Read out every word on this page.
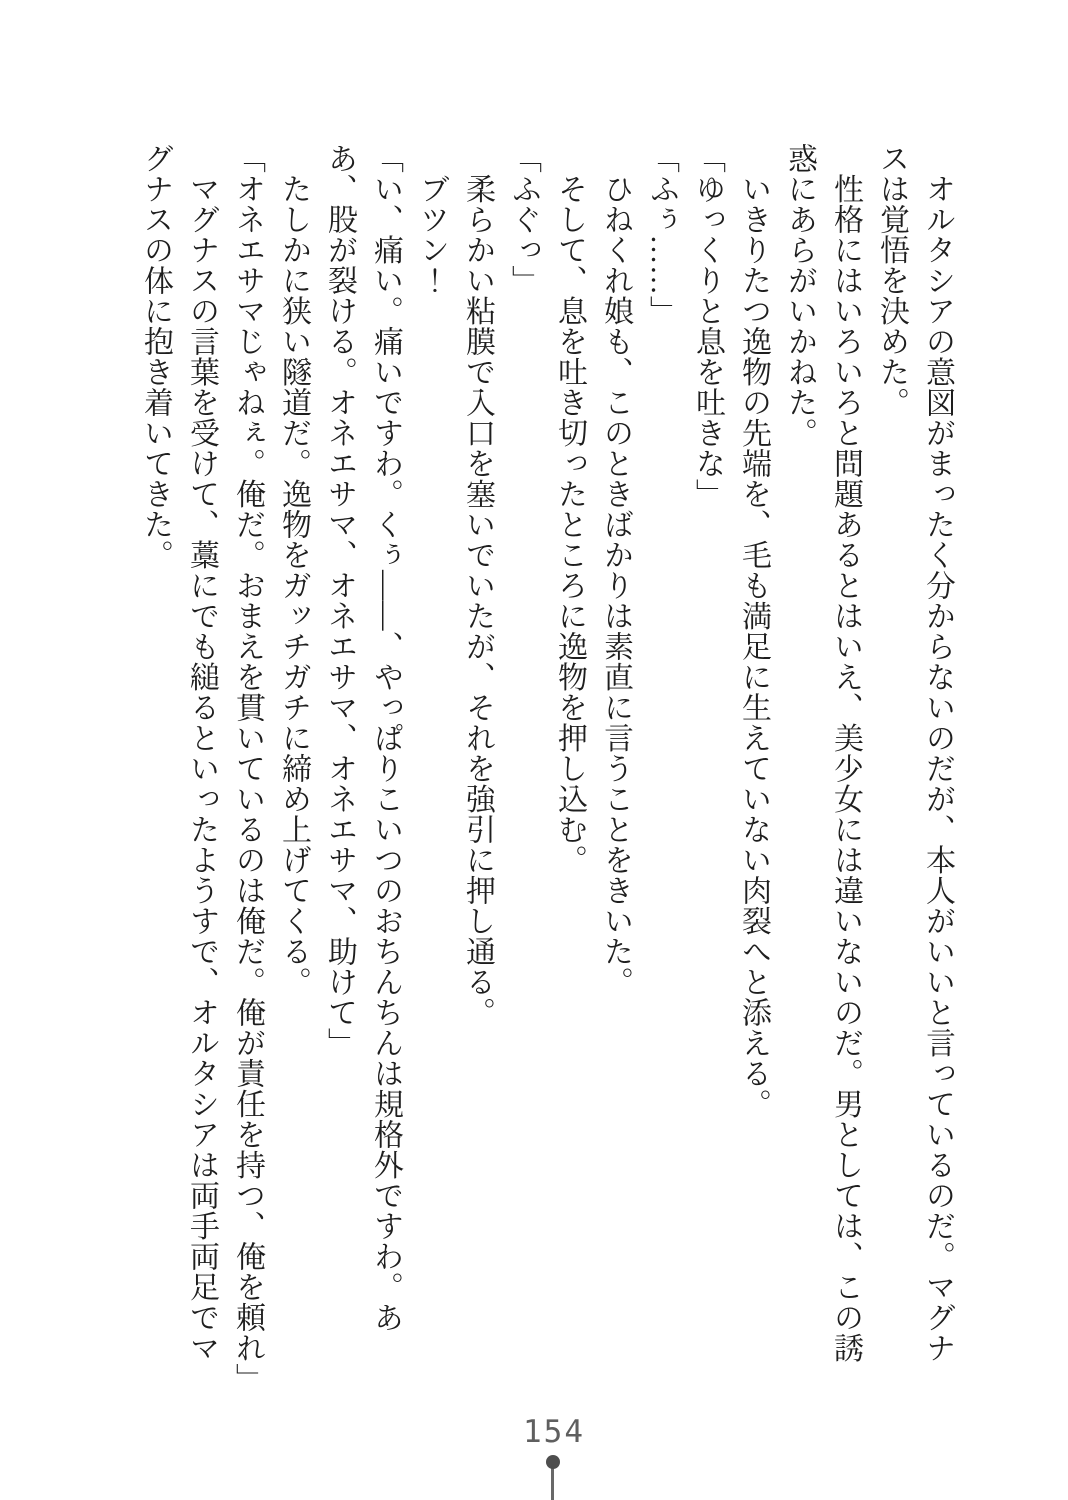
　オルタシアの意図がまったく分からないのだが、本人がいいと言っているのだ。マグナ

スは覚悟を決めた。

　性格にはいろいろと問題あるとはいえ、美少女には違いないのだ。男としては、この誘

惑にあらがいかねた。

　いきりたつ逸物の先端を、毛も満足に生えていない肉裂へと添える。

「ゆっくりと息を吐きな」

「ふぅ……」

　ひねくれ娘も、このときばかりは素直に言うことをきいた。

　そして、息を吐き切ったところに逸物を押し込む。

「ふぐっ」

　柔らかい粘膜で入口を塞いでいたが、それを強引に押し通る。

　ブツン！

「い、痛い。痛いですわ。くぅ――、やっぱりこいつのおちんちんは規格外ですわ。あ

あ、股が裂ける。オネエサマ、オネエサマ、オネエサマ、助けて」

　たしかに狭い隧道だ。逸物をガッチガチに締め上げてくる。

「オネエサマじゃねぇ。俺だ。おまえを貫いているのは俺だ。俺が責任を持つ、俺を頼れ」

　マグナスの言葉を受けて、藁にでも縋るといったようすで、オルタシアは両手両足でマ

グナスの体に抱き着いてきた。

154
